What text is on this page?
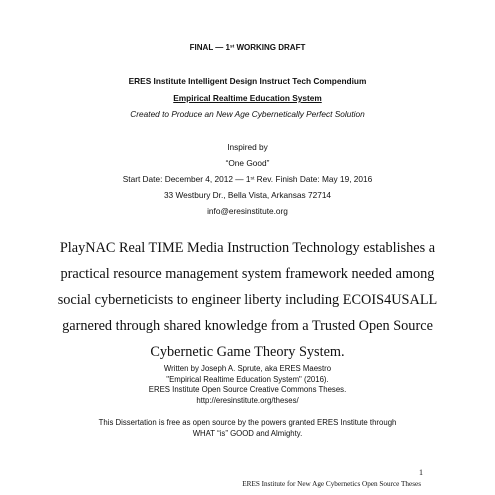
FINAL — 1st WORKING DRAFT
ERES Institute Intelligent Design Instruct Tech Compendium
Empirical Realtime Education System
Created to Produce an New Age Cybernetically Perfect Solution
Inspired by
“One Good”
Start Date: December 4, 2012 — 1st Rev. Finish Date: May 19, 2016
33 Westbury Dr., Bella Vista, Arkansas 72714
info@eresinstitute.org
PlayNAC Real TIME Media Instruction Technology establishes a
practical resource management system framework needed among
social cyberneticists to engineer liberty including ECOIS4USALL
garnered through shared knowledge from a Trusted Open Source
Cybernetic Game Theory System.
Written by Joseph A. Sprute, aka ERES Maestro
"Empirical Realtime Education System" (2016).
ERES Institute Open Source Creative Commons Theses.
http://eresinstitute.org/theses/
This Dissertation is free as open source by the powers granted ERES Institute through
WHAT “is” GOOD and Almighty.
1
ERES Institute for New Age Cybernetics Open Source Theses
